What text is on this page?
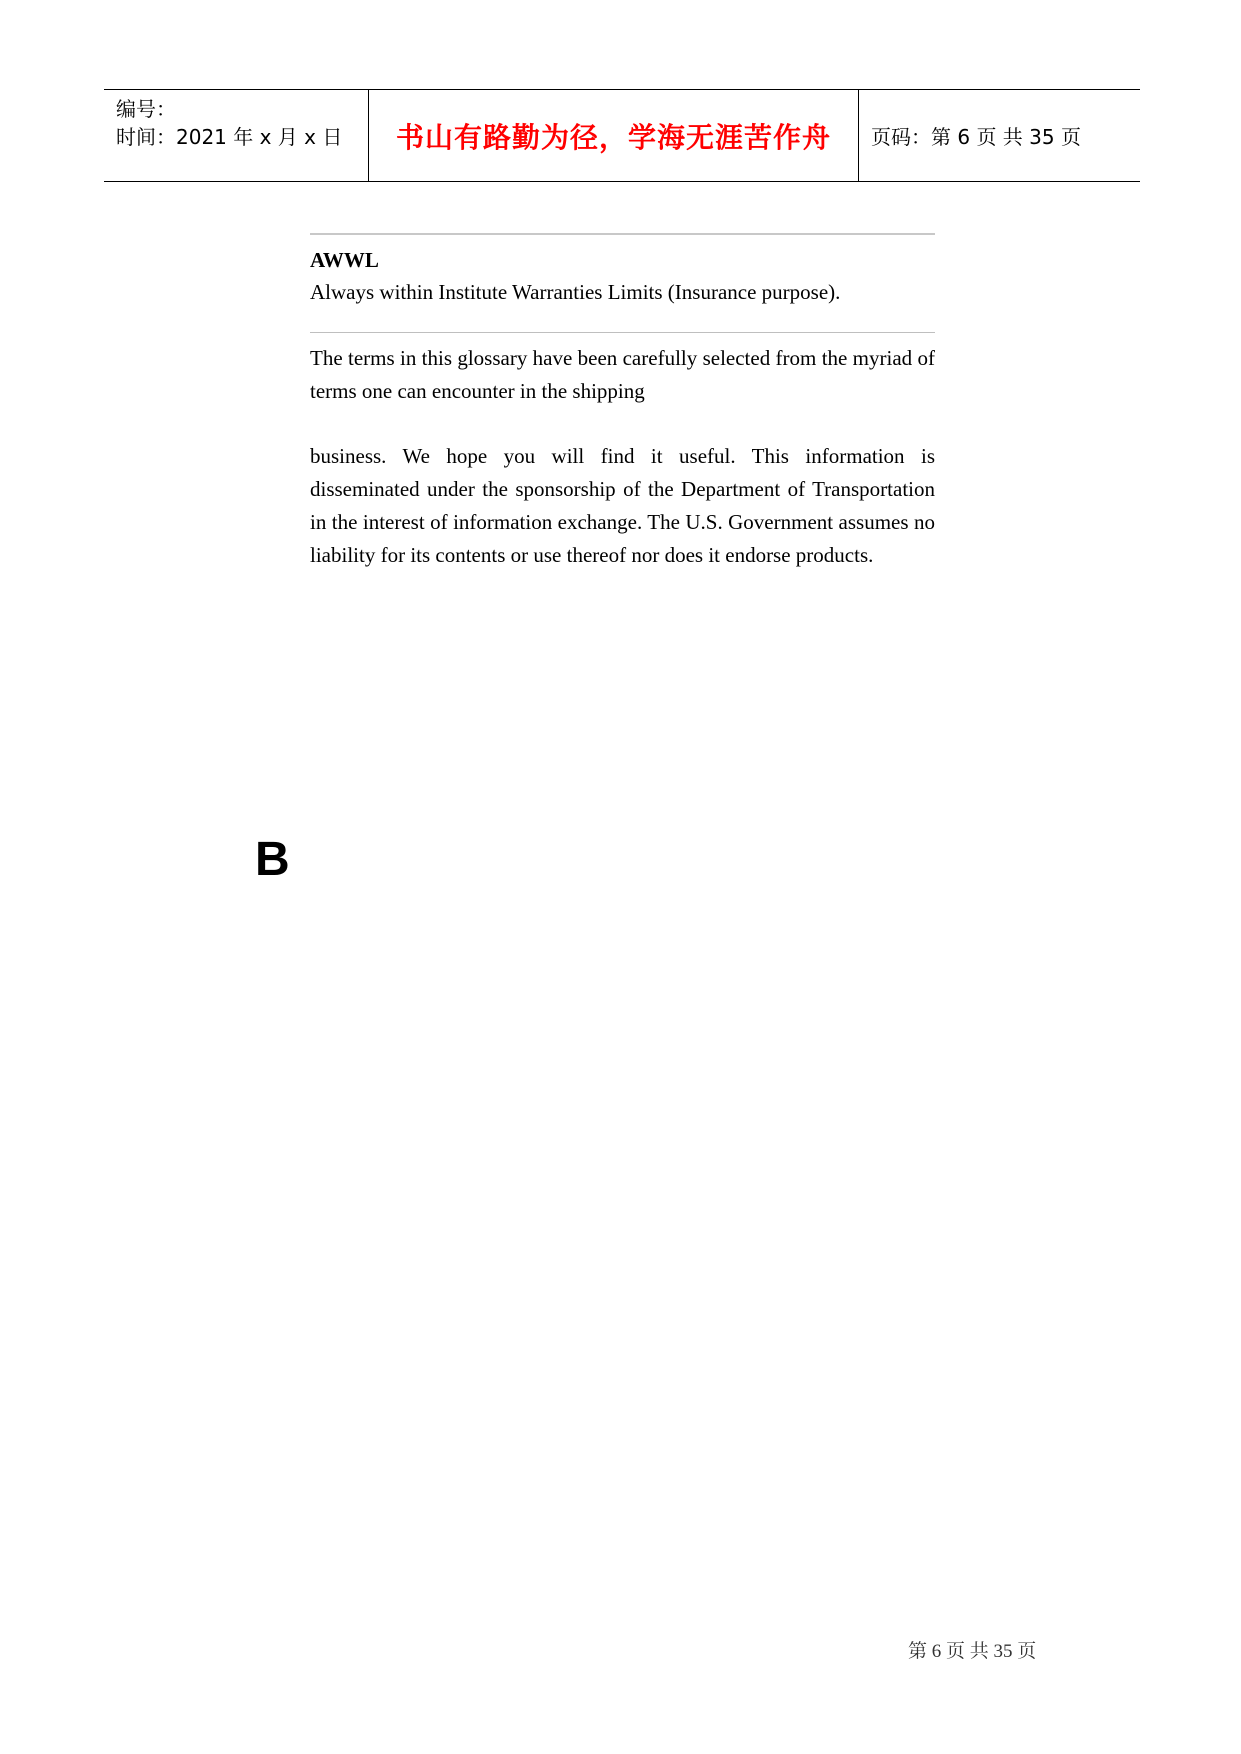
编号：
时间：2021 年 x 月 x 日 书山有路勤为径，学海无涯苦作舟 页码：第 6 页 共 35 页
AWWL
Always within Institute Warranties Limits (Insurance purpose).

The terms in this glossary have been carefully selected from the myriad of terms one can encounter in the shipping

business. We hope you will find it useful. This information is disseminated under the sponsorship of the Department of Transportation in the interest of information exchange. The U.S. Government assumes no liability for its contents or use thereof nor does it endorse products.

B
第 6 页 共 35 页
